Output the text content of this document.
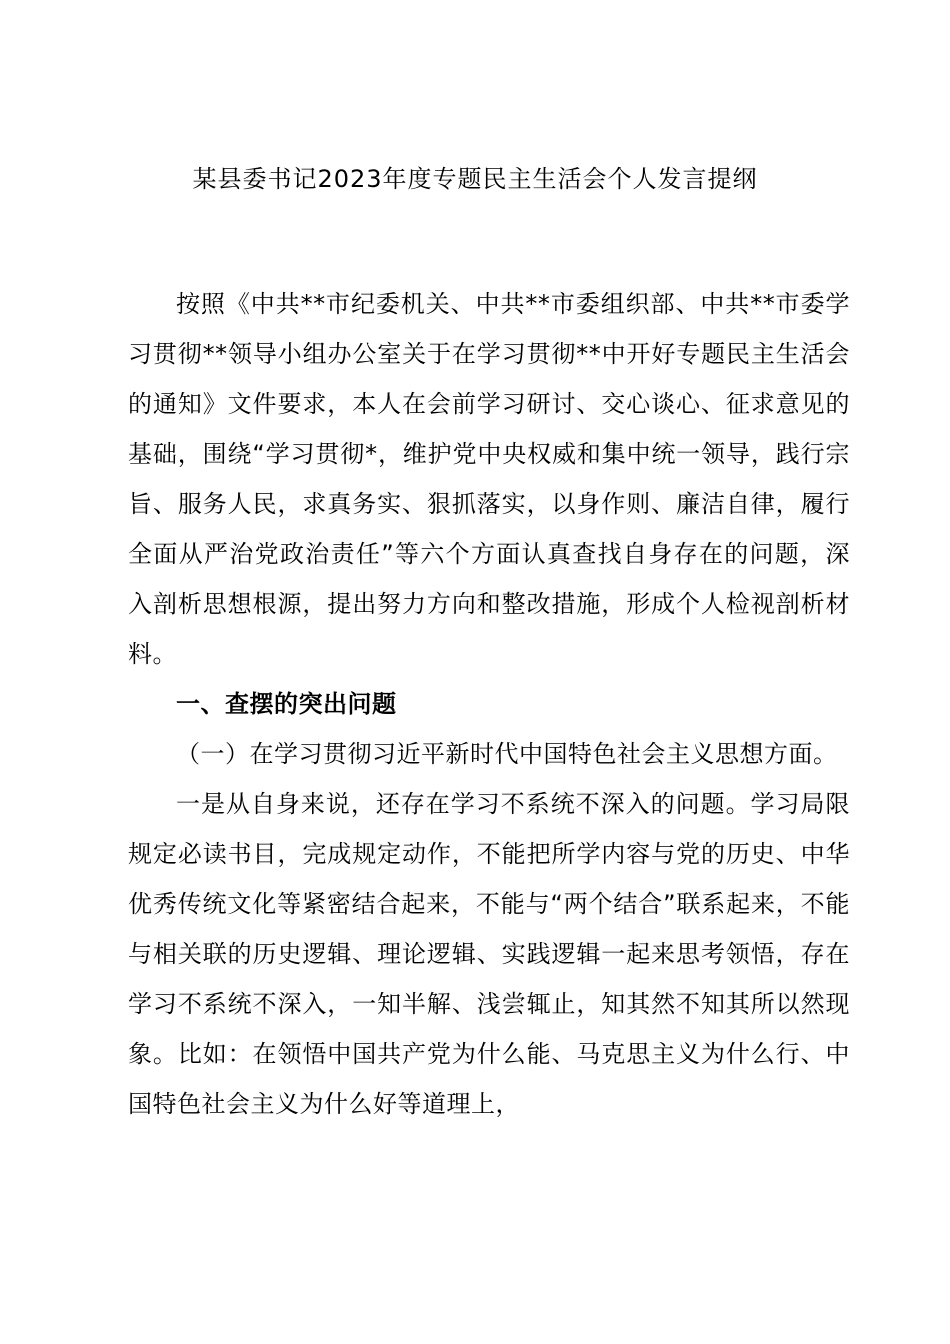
某县委书记2023年度专题民主生活会个人发言提纲

按照《中共**市纪委机关、中共**市委组织部、中共**市委学习贯彻**领导小组办公室关于在学习贯彻**中开好专题民主生活会的通知》文件要求，本人在会前学习研讨、交心谈心、征求意见的基础，围绕“学习贯彻*，维护党中央权威和集中统一领导，践行宗旨、服务人民，求真务实、狠抓落实，以身作则、廉洁自律，履行全面从严治党政治责任”等六个方面认真查找自身存在的问题，深入剖析思想根源，提出努力方向和整改措施，形成个人检视剖析材料。

一、查摆的突出问题

（一）在学习贯彻习近平新时代中国特色社会主义思想方面。

一是从自身来说，还存在学习不系统不深入的问题。学习局限规定必读书目，完成规定动作，不能把所学内容与党的历史、中华优秀传统文化等紧密结合起来，不能与“两个结合”联系起来，不能与相关联的历史逻辑、理论逻辑、实践逻辑一起来思考领悟，存在学习不系统不深入，一知半解、浅尝辄止，知其然不知其所以然现象。比如：在领悟中国共产党为什么能、马克思主义为什么行、中国特色社会主义为什么好等道理上，
